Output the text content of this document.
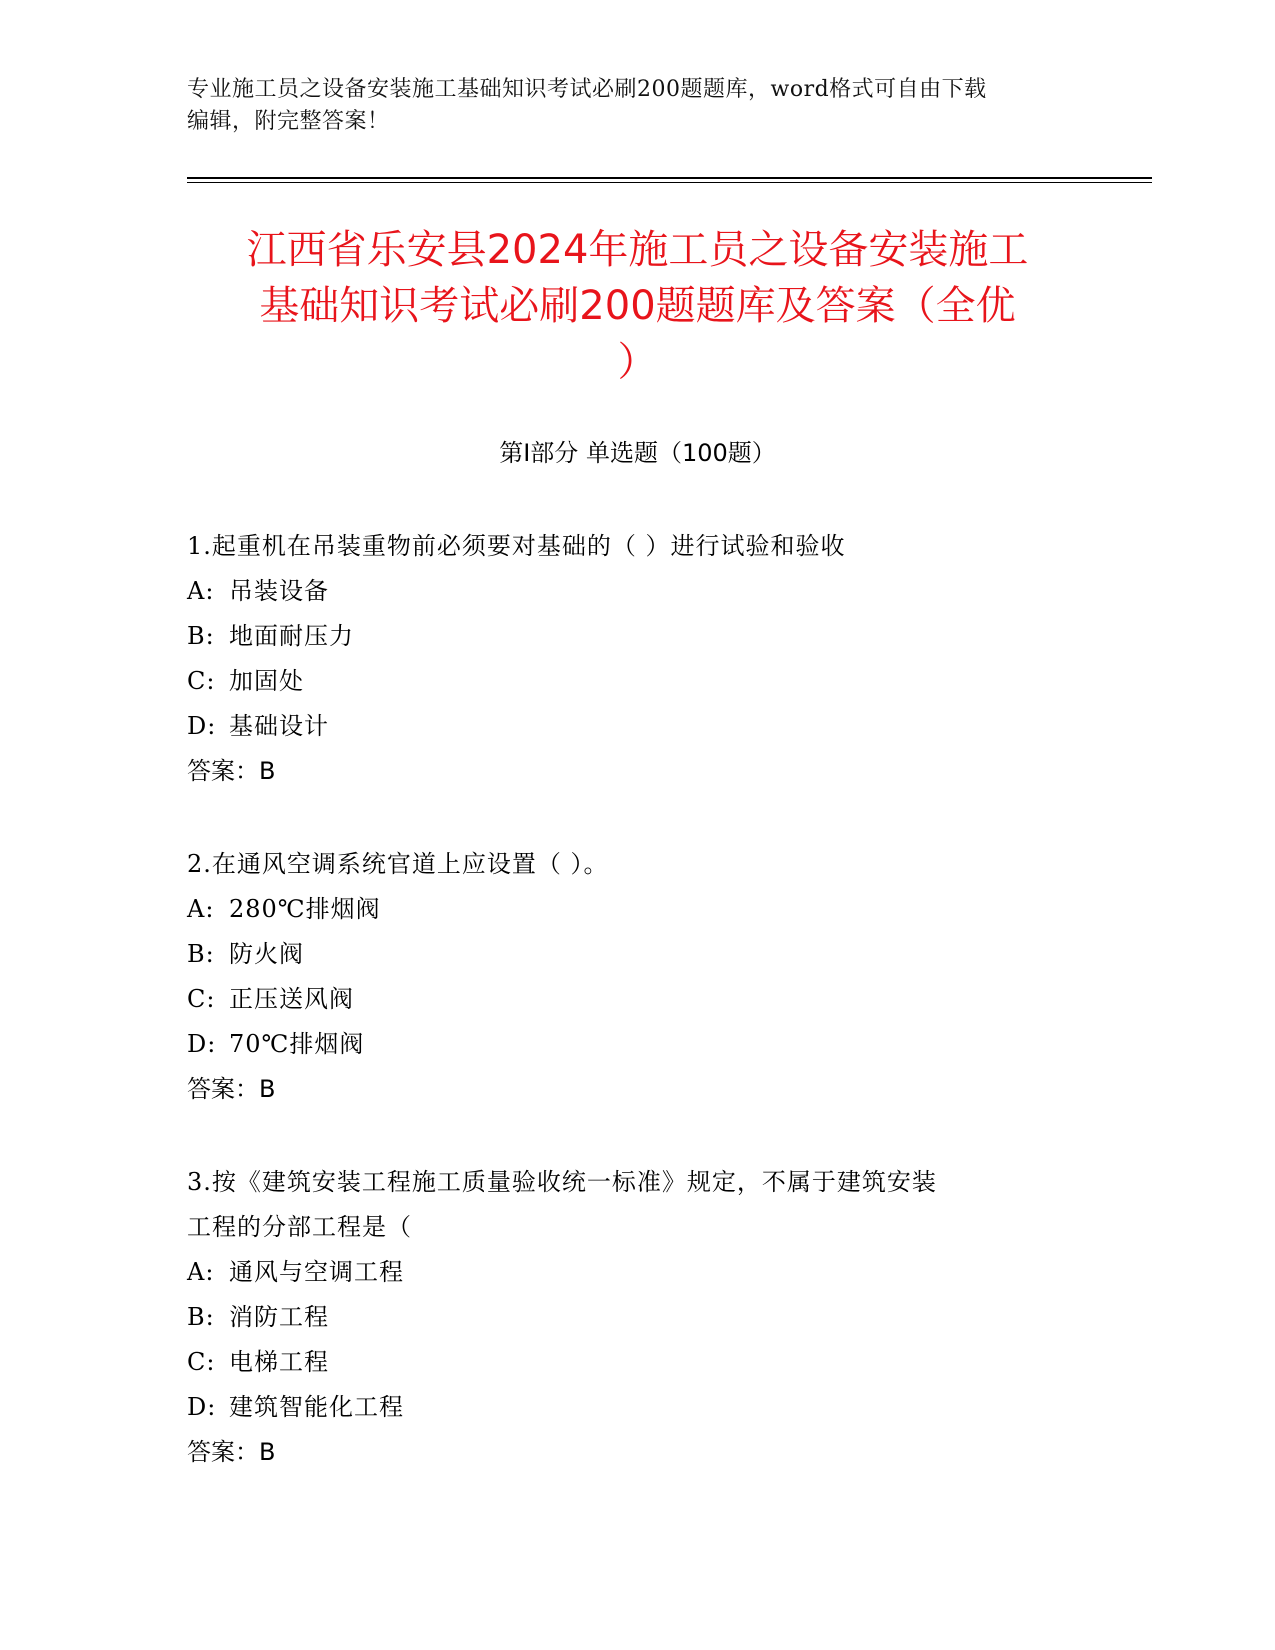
专业施工员之设备安装施工基础知识考试必刷200题题库，word格式可自由下载
编辑，附完整答案！
江西省乐安县2024年施工员之设备安装施工
基础知识考试必刷200题题库及答案（全优
）
第Ⅰ部分 单选题（100题）
1.起重机在吊装重物前必须要对基础的（ ）进行试验和验收
A: 吊装设备
B: 地面耐压力
C: 加固处
D: 基础设计
答案：B
2.在通风空调系统官道上应设置（ ）。
A: 280℃排烟阀
B: 防火阀
C: 正压送风阀
D: 70℃排烟阀
答案：B
3.按《建筑安装工程施工质量验收统一标准》规定，不属于建筑安装
工程的分部工程是（
A: 通风与空调工程
B: 消防工程
C: 电梯工程
D: 建筑智能化工程
答案：B
